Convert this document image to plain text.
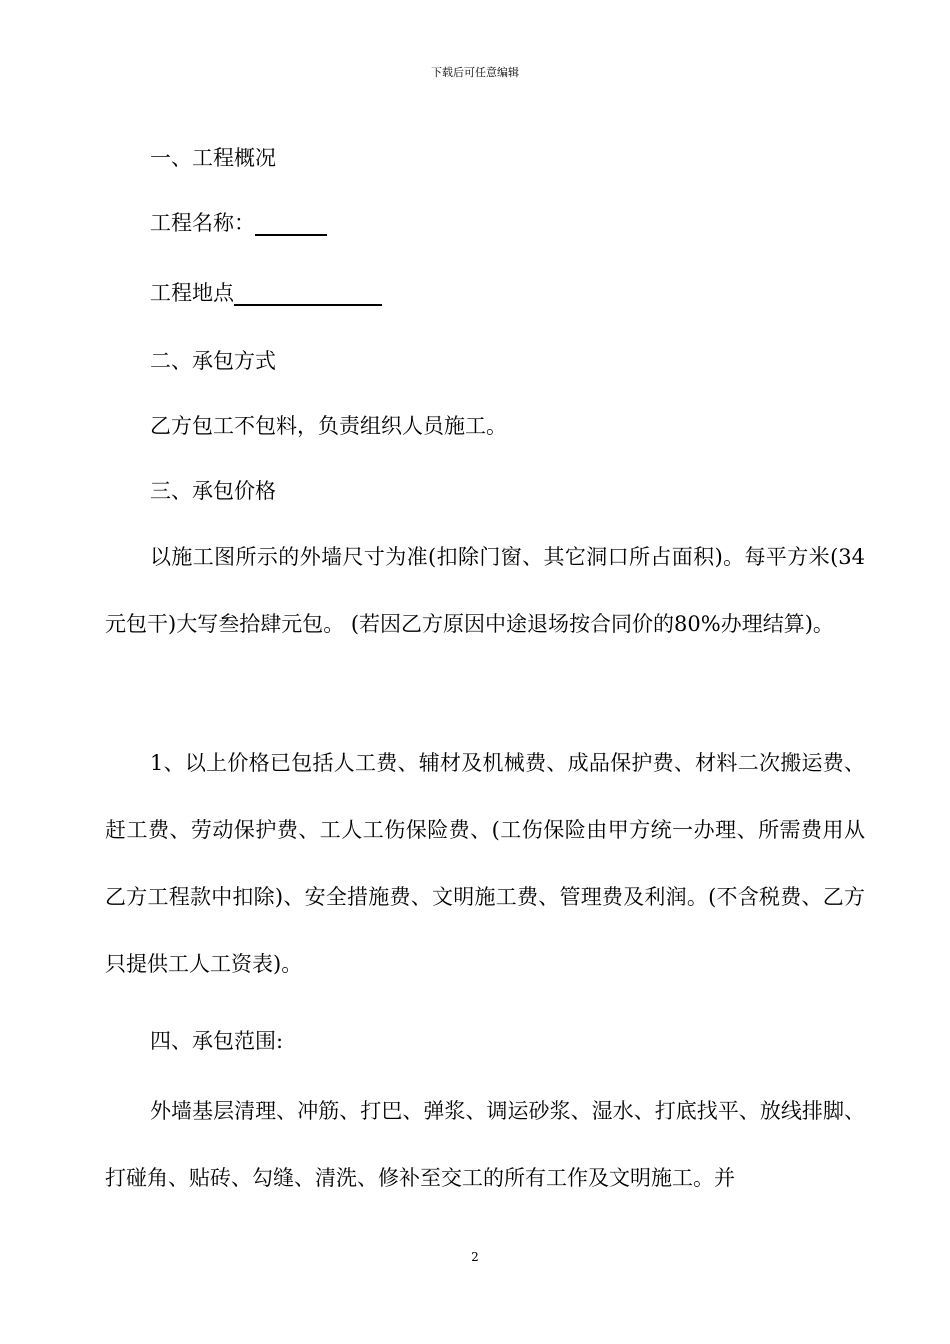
下载后可任意编辑

一、工程概况

工程名称：

工程地点

二、承包方式

乙方包工不包料，负责组织人员施工。

三、承包价格

以施工图所示的外墙尺寸为准(扣除门窗、其它洞口所占面积)。每平方米(34元包干)大写叁拾肆元包。 (若因乙方原因中途退场按合同价的80%办理结算)。

1、以上价格已包括人工费、辅材及机械费、成品保护费、材料二次搬运费、赶工费、劳动保护费、工人工伤保险费、(工伤保险由甲方统一办理、所需费用从乙方工程款中扣除)、安全措施费、文明施工费、管理费及利润。(不含税费、乙方只提供工人工资表)。

四、承包范围:

外墙基层清理、冲筋、打巴、弹浆、调运砂浆、湿水、打底找平、放线排脚、打碰角、贴砖、勾缝、清洗、修补至交工的所有工作及文明施工。并

2
